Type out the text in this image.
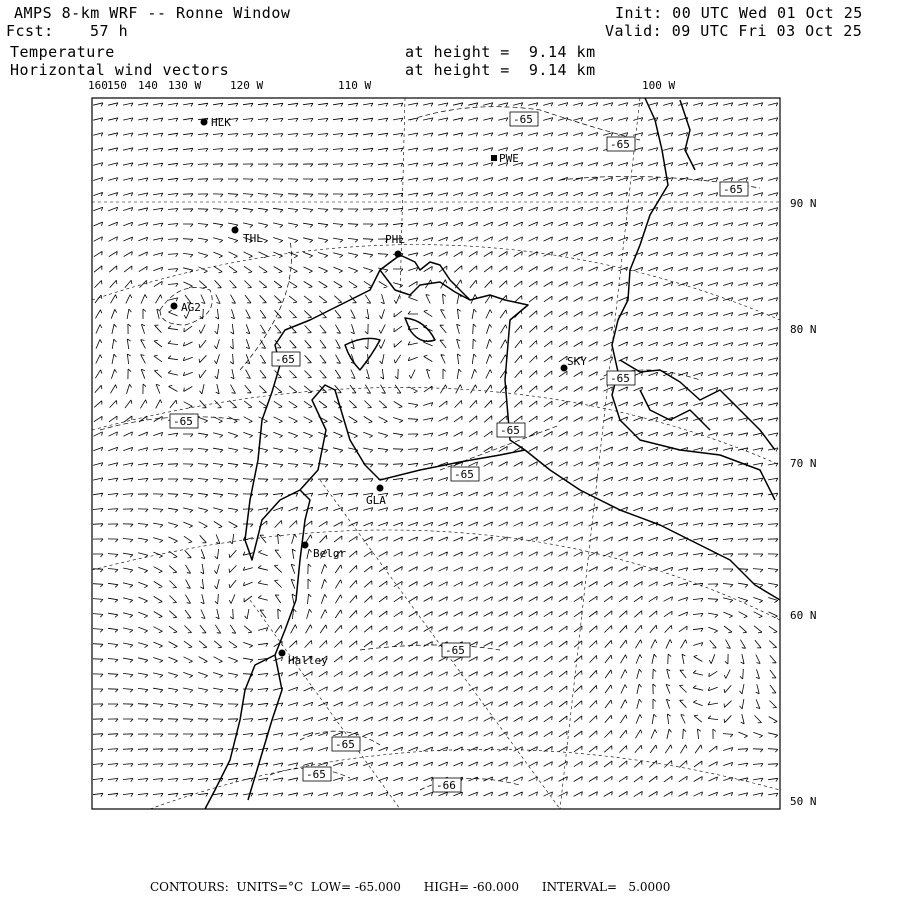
AMPS 8-km WRF -- Ronne Window
Fcst: 57 h
Init: 00 UTC Wed 01 Oct 25
Valid: 09 UTC Fri 03 Oct 25
Temperature
Horizontal wind vectors
at height =  9.14 km
at height =  9.14 km
160 150 140 130 W	120 W	110 W	100 W
90 N
80 N
70 N
60 N
50 N
HLK
PWE
THL	PHL
AG2
SKY
GLA
Belgr
Halley
-65
-65
-65
-65
-65
-65
-65
-65
-65
-65
-65
-66
CONTOURS:  UNITS=°C  LOW= -65.000      HIGH= -60.000      INTERVAL=   5.0000
